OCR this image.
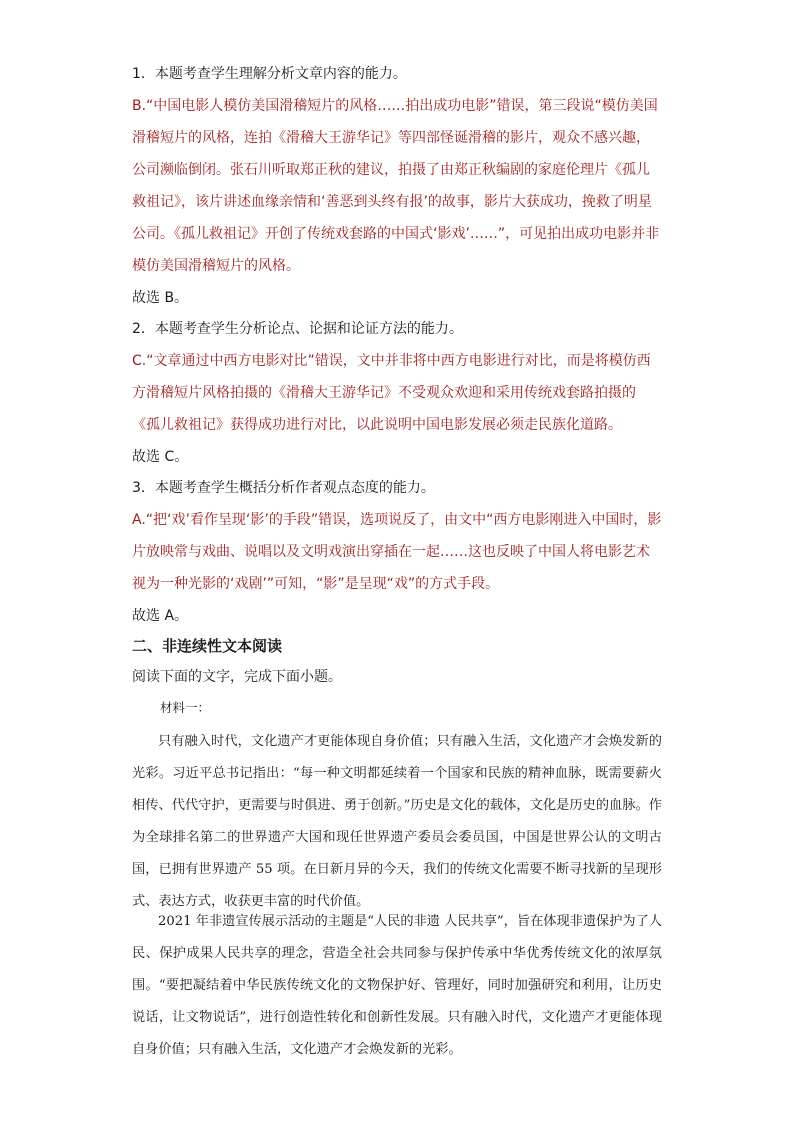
1．本题考查学生理解分析文章内容的能力。
B.“中国电影人模仿美国滑稽短片的风格……拍出成功电影”错误，第三段说“模仿美国滑稽短片的风格，连拍《滑稽大王游华记》等四部怪诞滑稽的影片，观众不感兴趣，公司濒临倒闭。张石川听取郑正秋的建议，拍摄了由郑正秋编剧的家庭伦理片《孤儿救祖记》，该片讲述血缘亲情和‘善恶到头终有报’的故事，影片大获成功，挽救了明星公司。《孤儿救祖记》开创了传统戏套路的中国式‘影戏’……”，可见拍出成功电影并非模仿美国滑稽短片的风格。
故选 B。
2．本题考查学生分析论点、论据和论证方法的能力。
C.“文章通过中西方电影对比”错误，文中并非将中西方电影进行对比，而是将模仿西方滑稽短片风格拍摄的《滑稽大王游华记》不受观众欢迎和采用传统戏套路拍摄的《孤儿救祖记》获得成功进行对比，以此说明中国电影发展必须走民族化道路。
故选 C。
3．本题考查学生概括分析作者观点态度的能力。
A.“把‘戏’看作呈现‘影’的手段”错误，选项说反了，由文中“西方电影刚进入中国时，影片放映常与戏曲、说唱以及文明戏演出穿插在一起……这也反映了中国人将电影艺术视为一种光影的‘戏剧’”可知，“影”是呈现“戏”的方式手段。
故选 A。
二、非连续性文本阅读
阅读下面的文字，完成下面小题。
材料一：
只有融入时代，文化遗产才更能体现自身价值；只有融入生活，文化遗产才会焕发新的光彩。习近平总书记指出：“每一种文明都延续着一个国家和民族的精神血脉，既需要薪火相传、代代守护，更需要与时俱进、勇于创新。”历史是文化的载体，文化是历史的血脉。作为全球排名第二的世界遗产大国和现任世界遗产委员会委员国，中国是世界公认的文明古国，已拥有世界遗产 55 项。在日新月异的今天，我们的传统文化需要不断寻找新的呈现形式、表达方式，收获更丰富的时代价值。
2021 年非遗宣传展示活动的主题是“人民的非遗 人民共享”，旨在体现非遗保护为了人民、保护成果人民共享的理念，营造全社会共同参与保护传承中华优秀传统文化的浓厚氛围。“要把凝结着中华民族传统文化的文物保护好、管理好，同时加强研究和利用，让历史说话，让文物说话”，进行创造性转化和创新性发展。只有融入时代，文化遗产才更能体现自身价值；只有融入生活，文化遗产才会焕发新的光彩。
